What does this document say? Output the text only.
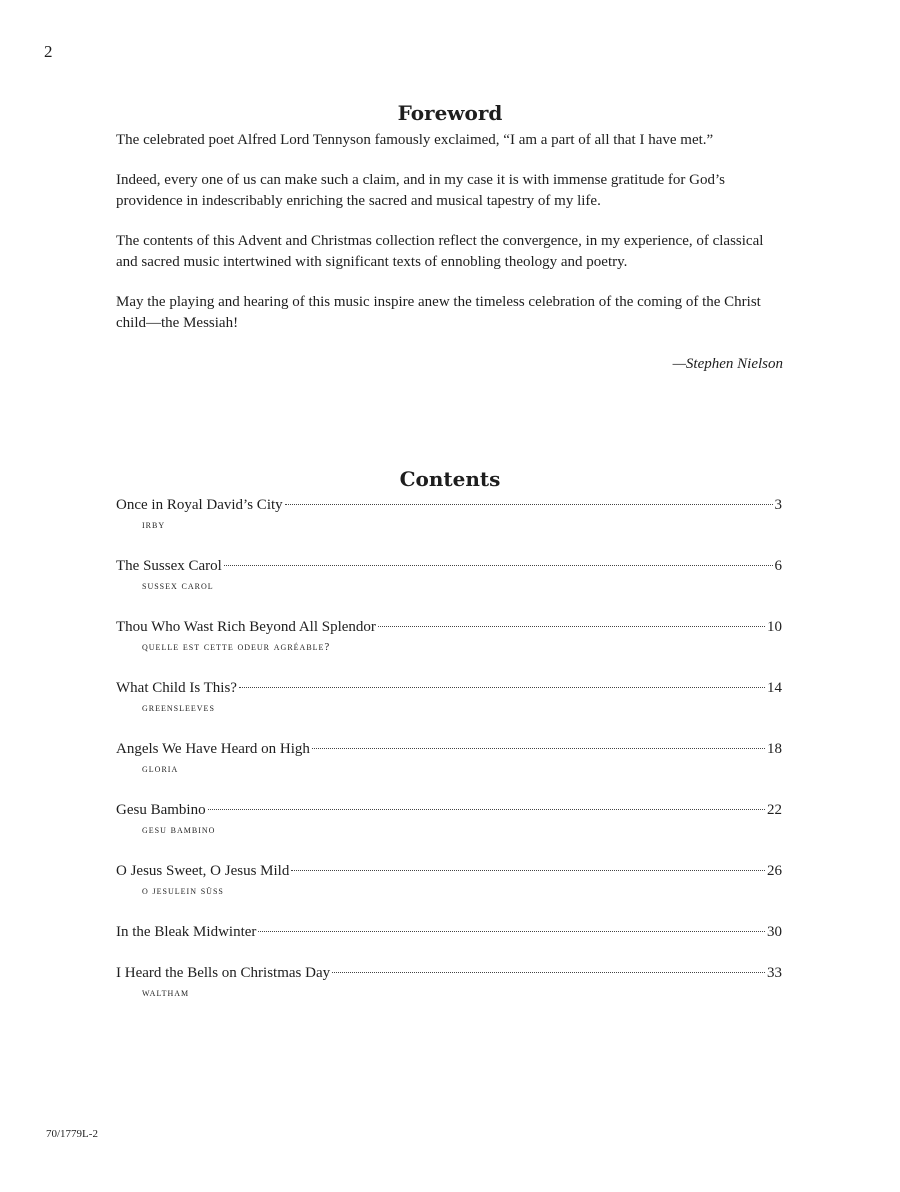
2
Foreword

The celebrated poet Alfred Lord Tennyson famously exclaimed, “I am a part of all that I have met.”

Indeed, every one of us can make such a claim, and in my case it is with immense gratitude for God’s providence in indescribably enriching the sacred and musical tapestry of my life.

The contents of this Advent and Christmas collection reflect the convergence, in my experience, of classical and sacred music intertwined with significant texts of ennobling theology and poetry.

May the playing and hearing of this music inspire anew the timeless celebration of the coming of the Christ child—the Messiah!

—Stephen Nielson
Contents
Once in Royal David’s City	3
irby
The Sussex Carol	6
sussex carol
Thou Who Wast Rich Beyond All Splendor	10
quelle est cette odeur agréable?
What Child Is This?	14
greensleeves
Angels We Have Heard on High	18
gloria
Gesu Bambino	22
gesu bambino
O Jesus Sweet, O Jesus Mild	26
o jesulein süss
In the Bleak Midwinter	30
I Heard the Bells on Christmas Day	33
waltham
70/1779L-2
